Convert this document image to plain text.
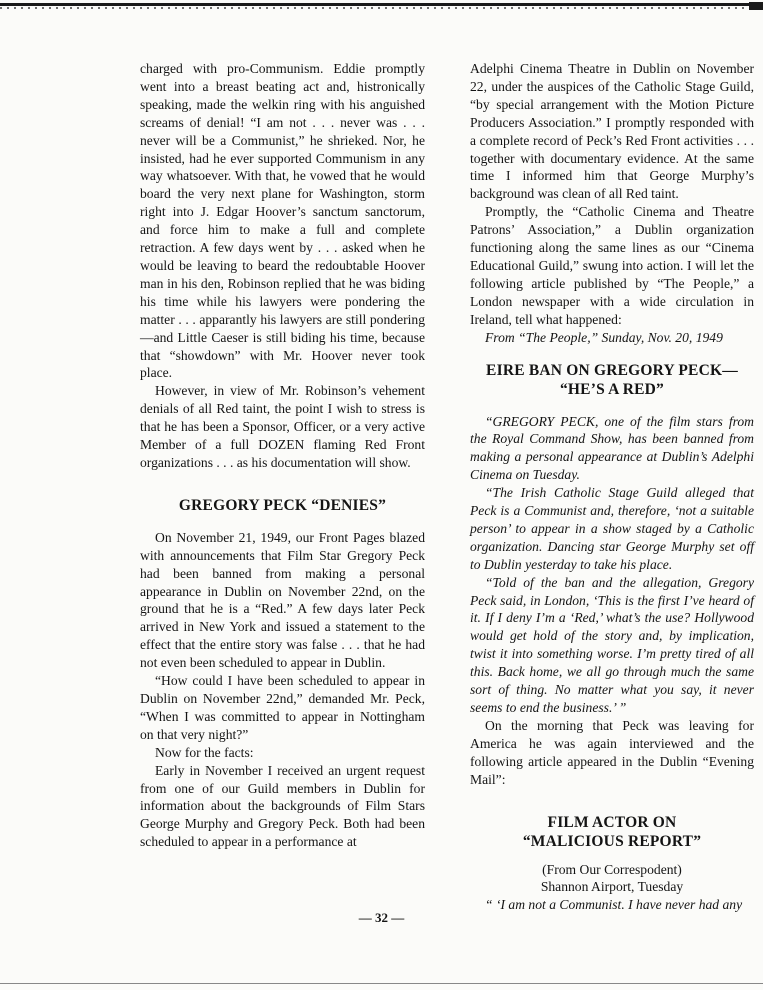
charged with pro-Communism. Eddie promptly went into a breast beating act and, histronically speaking, made the welkin ring with his anguished screams of denial! “I am not . . . never was . . . never will be a Communist,” he shrieked. Nor, he insisted, had he ever supported Communism in any way whatsoever. With that, he vowed that he would board the very next plane for Washington, storm right into J. Edgar Hoover’s sanctum sanctorum, and force him to make a full and complete retraction. A few days went by . . . asked when he would be leaving to beard the redoubtable Hoover man in his den, Robinson replied that he was biding his time while his lawyers were pondering the matter . . . apparantly his lawyers are still pondering—and Little Caeser is still biding his time, because that “showdown” with Mr. Hoover never took place.

However, in view of Mr. Robinson’s vehement denials of all Red taint, the point I wish to stress is that he has been a Sponsor, Officer, or a very active Member of a full DOZEN flaming Red Front organizations . . . as his documentation will show.

GREGORY PECK “DENIES”

On November 21, 1949, our Front Pages blazed with announcements that Film Star Gregory Peck had been banned from making a personal appearance in Dublin on November 22nd, on the ground that he is a “Red.” A few days later Peck arrived in New York and issued a statement to the effect that the entire story was false . . . that he had not even been scheduled to appear in Dublin.

“How could I have been scheduled to appear in Dublin on November 22nd,” demanded Mr. Peck, “When I was committed to appear in Nottingham on that very night?”

Now for the facts:

Early in November I received an urgent request from one of our Guild members in Dublin for information about the backgrounds of Film Stars George Murphy and Gregory Peck. Both had been scheduled to appear in a performance at

Adelphi Cinema Theatre in Dublin on November 22, under the auspices of the Catholic Stage Guild, “by special arrangement with the Motion Picture Producers Association.” I promptly responded with a complete record of Peck’s Red Front activities . . . together with documentary evidence. At the same time I informed him that George Murphy’s background was clean of all Red taint.

Promptly, the “Catholic Cinema and Theatre Patrons’ Association,” a Dublin organization functioning along the same lines as our “Cinema Educational Guild,” swung into action. I will let the following article published by “The People,” a London newspaper with a wide circulation in Ireland, tell what happened:

From “The People,” Sunday, Nov. 20, 1949

EIRE BAN ON GREGORY PECK—

“HE’S A RED”

“GREGORY PECK, one of the film stars from the Royal Command Show, has been banned from making a personal appearance at Dublin’s Adelphi Cinema on Tuesday.

“The Irish Catholic Stage Guild alleged that Peck is a Communist and, therefore, ‘not a suitable person’ to appear in a show staged by a Catholic organization. Dancing star George Murphy set off to Dublin yesterday to take his place.

“Told of the ban and the allegation, Gregory Peck said, in London, ‘This is the first I’ve heard of it. If I deny I’m a ‘Red,’ what’s the use? Hollywood would get hold of the story and, by implication, twist it into something worse. I’m pretty tired of all this. Back home, we all go through much the same sort of thing. No matter what you say, it never seems to end the business.’ ”

On the morning that Peck was leaving for America he was again interviewed and the following article appeared in the Dublin “Evening Mail”:

FILM ACTOR ON

“MALICIOUS REPORT”

(From Our Correspodent)

Shannon Airport, Tuesday

“ ‘I am not a Communist. I have never had any

— 32 —
